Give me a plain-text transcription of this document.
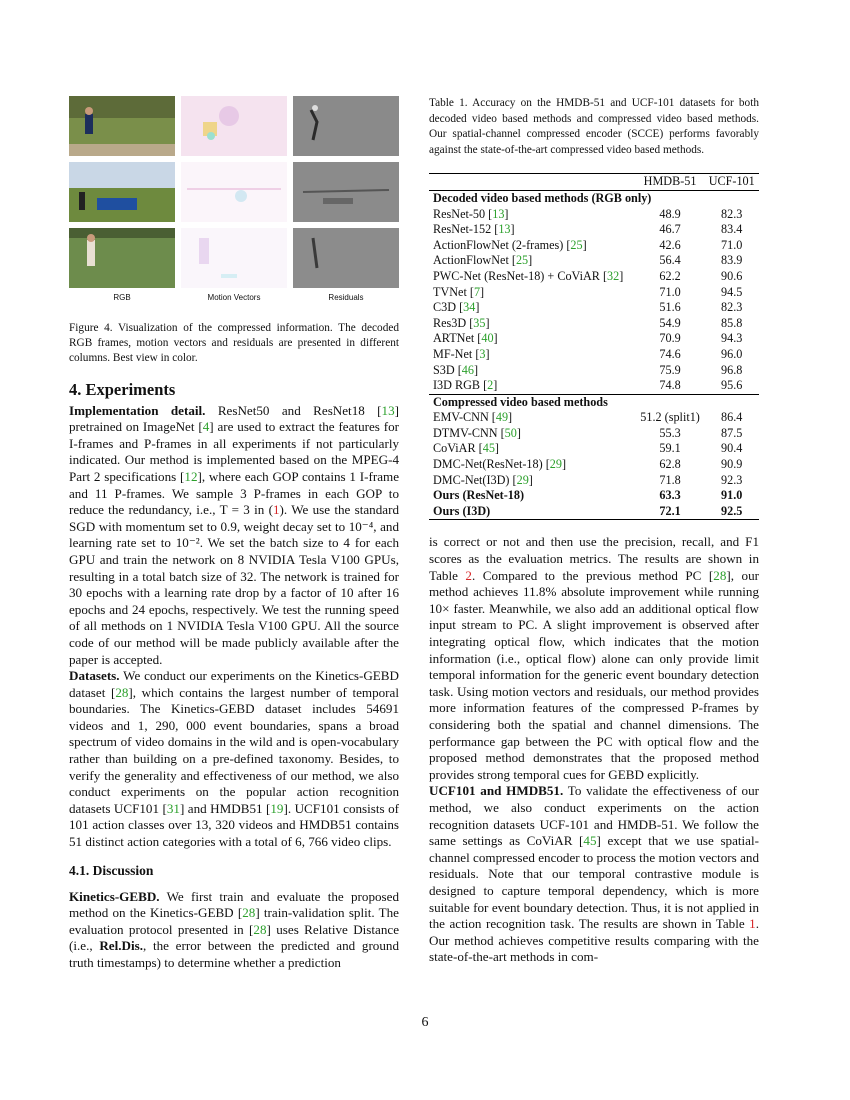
RGB	Motion Vectors	Residuals

Figure 4. Visualization of the compressed information. The decoded RGB frames, motion vectors and residuals are presented in different columns. Best view in color.

4. Experiments

Implementation detail. ResNet50 and ResNet18 [13] pretrained on ImageNet [4] are used to extract the features for I-frames and P-frames in all experiments if not particularly indicated. Our method is implemented based on the MPEG-4 Part 2 specifications [12], where each GOP contains 1 I-frame and 11 P-frames. We sample 3 P-frames in each GOP to reduce the redundancy, i.e., T = 3 in (1). We use the standard SGD with momentum set to 0.9, weight decay set to 10⁻⁴, and learning rate set to 10⁻². We set the batch size to 4 for each GPU and train the network on 8 NVIDIA Tesla V100 GPUs, resulting in a total batch size of 32. The network is trained for 30 epochs with a learning rate drop by a factor of 10 after 16 epochs and 24 epochs, respectively. We test the running speed of all methods on 1 NVIDIA Tesla V100 GPU. All the source code of our method will be made publicly available after the paper is accepted.

Datasets. We conduct our experiments on the Kinetics-GEBD dataset [28], which contains the largest number of temporal boundaries. The Kinetics-GEBD dataset includes 54691 videos and 1, 290, 000 event boundaries, spans a broad spectrum of video domains in the wild and is open-vocabulary rather than building on a pre-defined taxonomy. Besides, to verify the generality and effectiveness of our method, we also conduct experiments on the popular action recognition datasets UCF101 [31] and HMDB51 [19]. UCF101 consists of 101 action classes over 13, 320 videos and HMDB51 contains 51 distinct action categories with a total of 6, 766 video clips.

4.1. Discussion

Kinetics-GEBD. We first train and evaluate the proposed method on the Kinetics-GEBD [28] train-validation split. The evaluation protocol presented in [28] uses Relative Distance (i.e., Rel.Dis., the error between the predicted and ground truth timestamps) to determine whether a prediction

Table 1. Accuracy on the HMDB-51 and UCF-101 datasets for both decoded video based methods and compressed video based methods. Our spatial-channel compressed encoder (SCCE) performs favorably against the state-of-the-art compressed video based methods.

	HMDB-51	UCF-101
Decoded video based methods (RGB only)		
ResNet-50 [13]	48.9	82.3
ResNet-152 [13]	46.7	83.4
ActionFlowNet (2-frames) [25]	42.6	71.0
ActionFlowNet [25]	56.4	83.9
PWC-Net (ResNet-18) + CoViAR [32]	62.2	90.6
TVNet [7]	71.0	94.5
C3D [34]	51.6	82.3
Res3D [35]	54.9	85.8
ARTNet [40]	70.9	94.3
MF-Net [3]	74.6	96.0
S3D [46]	75.9	96.8
I3D RGB [2]	74.8	95.6
Compressed video based methods		
EMV-CNN [49]	51.2 (split1)	86.4
DTMV-CNN [50]	55.3	87.5
CoViAR [45]	59.1	90.4
DMC-Net(ResNet-18) [29]	62.8	90.9
DMC-Net(I3D) [29]	71.8	92.3
Ours (ResNet-18)	63.3	91.0
Ours (I3D)	72.1	92.5

is correct or not and then use the precision, recall, and F1 scores as the evaluation metrics. The results are shown in Table 2. Compared to the previous method PC [28], our method achieves 11.8% absolute improvement while running 10× faster. Meanwhile, we also add an additional optical flow input stream to PC. A slight improvement is observed after integrating optical flow, which indicates that the motion information (i.e., optical flow) alone can only provide limit temporal information for the generic event boundary detection task. Using motion vectors and residuals, our method provides more information features of the compressed P-frames by considering both the spatial and channel dimensions. The performance gap between the PC with optical flow and the proposed method demonstrates that the proposed method provides strong temporal cues for GEBD explicitly.

UCF101 and HMDB51. To validate the effectiveness of our method, we also conduct experiments on the action recognition datasets UCF-101 and HMDB-51. We follow the same settings as CoViAR [45] except that we use spatial-channel compressed encoder to process the motion vectors and residuals. Note that our temporal contrastive module is designed to capture temporal dependency, which is more suitable for event boundary detection. Thus, it is not applied in the action recognition task. The results are shown in Table 1. Our method achieves competitive results comparing with the state-of-the-art methods in com-

6
